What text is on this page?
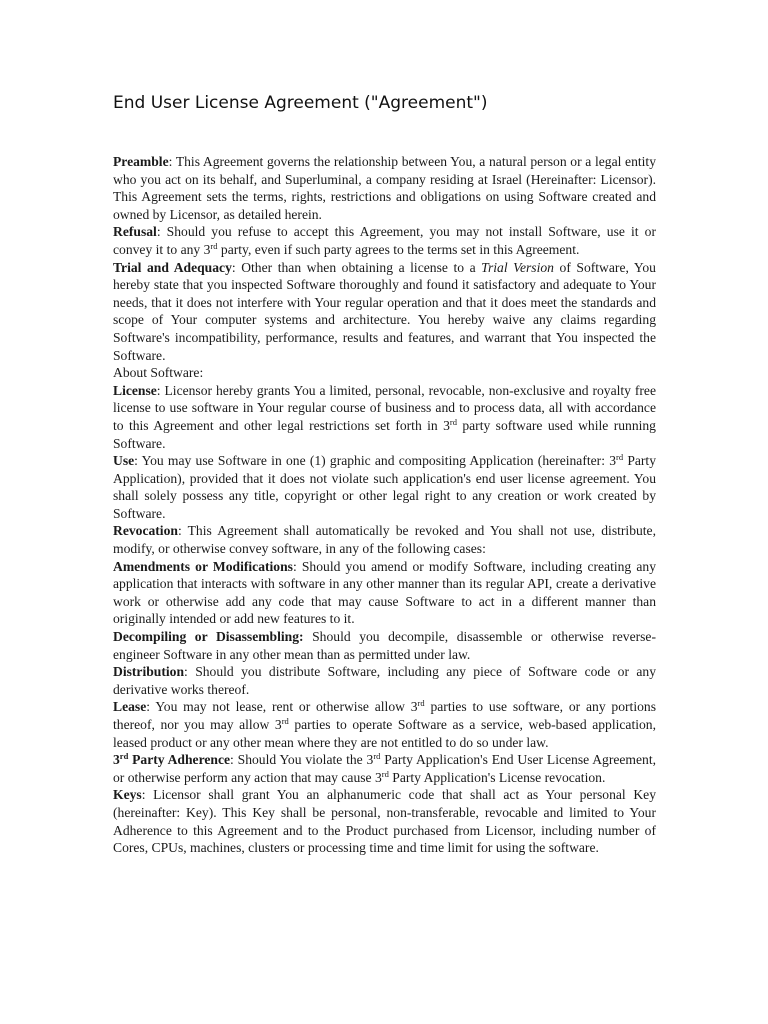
End User License Agreement ("Agreement")

Preamble: This Agreement governs the relationship between You, a natural person or a legal entity who you act on its behalf, and Superluminal, a company residing at Israel (Hereinafter: Licensor). This Agreement sets the terms, rights, restrictions and obligations on using Software created and owned by Licensor, as detailed herein.

Refusal: Should you refuse to accept this Agreement, you may not install Software, use it or convey it to any 3rd party, even if such party agrees to the terms set in this Agreement.

Trial and Adequacy: Other than when obtaining a license to a Trial Version of Software, You hereby state that you inspected Software thoroughly and found it satisfactory and adequate to Your needs, that it does not interfere with Your regular operation and that it does meet the standards and scope of Your computer systems and architecture. You hereby waive any claims regarding Software's incompatibility, performance, results and features, and warrant that You inspected the Software.

About Software:

License: Licensor hereby grants You a limited, personal, revocable, non-exclusive and royalty free license to use software in Your regular course of business and to process data, all with accordance to this Agreement and other legal restrictions set forth in 3rd party software used while running Software.

Use: You may use Software in one (1) graphic and compositing Application (hereinafter: 3rd Party Application), provided that it does not violate such application's end user license agreement. You shall solely possess any title, copyright or other legal right to any creation or work created by Software.

Revocation: This Agreement shall automatically be revoked and You shall not use, distribute, modify, or otherwise convey software, in any of the following cases:

Amendments or Modifications: Should you amend or modify Software, including creating any application that interacts with software in any other manner than its regular API, create a derivative work or otherwise add any code that may cause Software to act in a different manner than originally intended or add new features to it.

Decompiling or Disassembling: Should you decompile, disassemble or otherwise reverse-engineer Software in any other mean than as permitted under law.

Distribution: Should you distribute Software, including any piece of Software code or any derivative works thereof.

Lease: You may not lease, rent or otherwise allow 3rd parties to use software, or any portions thereof, nor you may allow 3rd parties to operate Software as a service, web-based application, leased product or any other mean where they are not entitled to do so under law.

3rd Party Adherence: Should You violate the 3rd Party Application's End User License Agreement, or otherwise perform any action that may cause 3rd Party Application's License revocation.

Keys: Licensor shall grant You an alphanumeric code that shall act as Your personal Key (hereinafter: Key). This Key shall be personal, non-transferable, revocable and limited to Your Adherence to this Agreement and to the Product purchased from Licensor, including number of Cores, CPUs, machines, clusters or processing time and time limit for using the software.
